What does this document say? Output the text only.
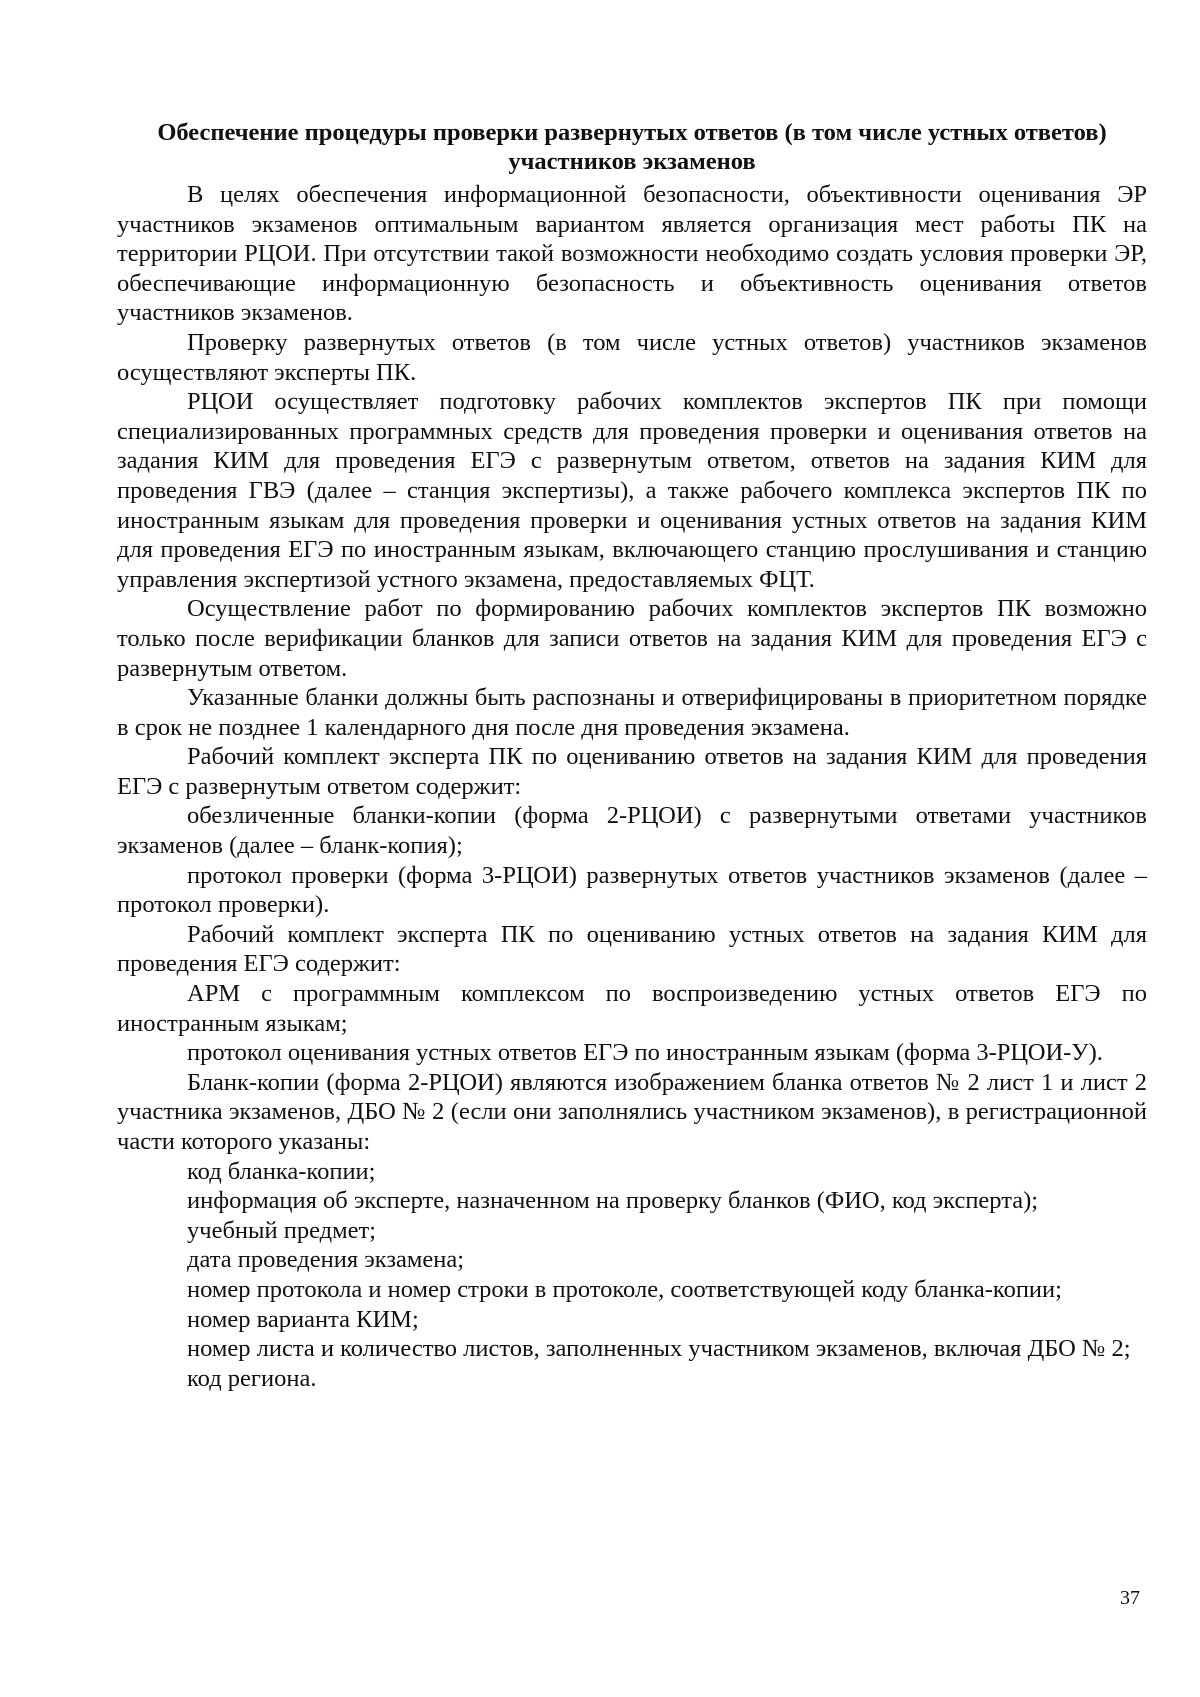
Обеспечение процедуры проверки развернутых ответов (в том числе устных ответов) участников экзаменов

В целях обеспечения информационной безопасности, объективности оценивания ЭР участников экзаменов оптимальным вариантом является организация мест работы ПК на территории РЦОИ. При отсутствии такой возможности необходимо создать условия проверки ЭР, обеспечивающие информационную безопасность и объективность оценивания ответов участников экзаменов.

Проверку развернутых ответов (в том числе устных ответов) участников экзаменов осуществляют эксперты ПК.

РЦОИ осуществляет подготовку рабочих комплектов экспертов ПК при помощи специализированных программных средств для проведения проверки и оценивания ответов на задания КИМ для проведения ЕГЭ с развернутым ответом, ответов на задания КИМ для проведения ГВЭ (далее – станция экспертизы), а также рабочего комплекса экспертов ПК по иностранным языкам для проведения проверки и оценивания устных ответов на задания КИМ для проведения ЕГЭ по иностранным языкам, включающего станцию прослушивания и станцию управления экспертизой устного экзамена, предоставляемых ФЦТ.

Осуществление работ по формированию рабочих комплектов экспертов ПК возможно только после верификации бланков для записи ответов на задания КИМ для проведения ЕГЭ с развернутым ответом.

Указанные бланки должны быть распознаны и отверифицированы в приоритетном порядке в срок не позднее 1 календарного дня после дня проведения экзамена.

Рабочий комплект эксперта ПК по оцениванию ответов на задания КИМ для проведения ЕГЭ с развернутым ответом содержит:

обезличенные бланки-копии (форма 2-РЦОИ) с развернутыми ответами участников экзаменов (далее – бланк-копия);

протокол проверки (форма 3-РЦОИ) развернутых ответов участников экзаменов (далее – протокол проверки).

Рабочий комплект эксперта ПК по оцениванию устных ответов на задания КИМ для проведения ЕГЭ содержит:

АРМ с программным комплексом по воспроизведению устных ответов ЕГЭ по иностранным языкам;

протокол оценивания устных ответов ЕГЭ по иностранным языкам (форма 3-РЦОИ-У).

Бланк-копии (форма 2-РЦОИ) являются изображением бланка ответов № 2 лист 1 и лист 2 участника экзаменов, ДБО № 2 (если они заполнялись участником экзаменов), в регистрационной части которого указаны:

код бланка-копии;

информация об эксперте, назначенном на проверку бланков (ФИО, код эксперта);

учебный предмет;

дата проведения экзамена;

номер протокола и номер строки в протоколе, соответствующей коду бланка-копии;

номер варианта КИМ;

номер листа и количество листов, заполненных участником экзаменов, включая ДБО № 2;

код региона.

37
